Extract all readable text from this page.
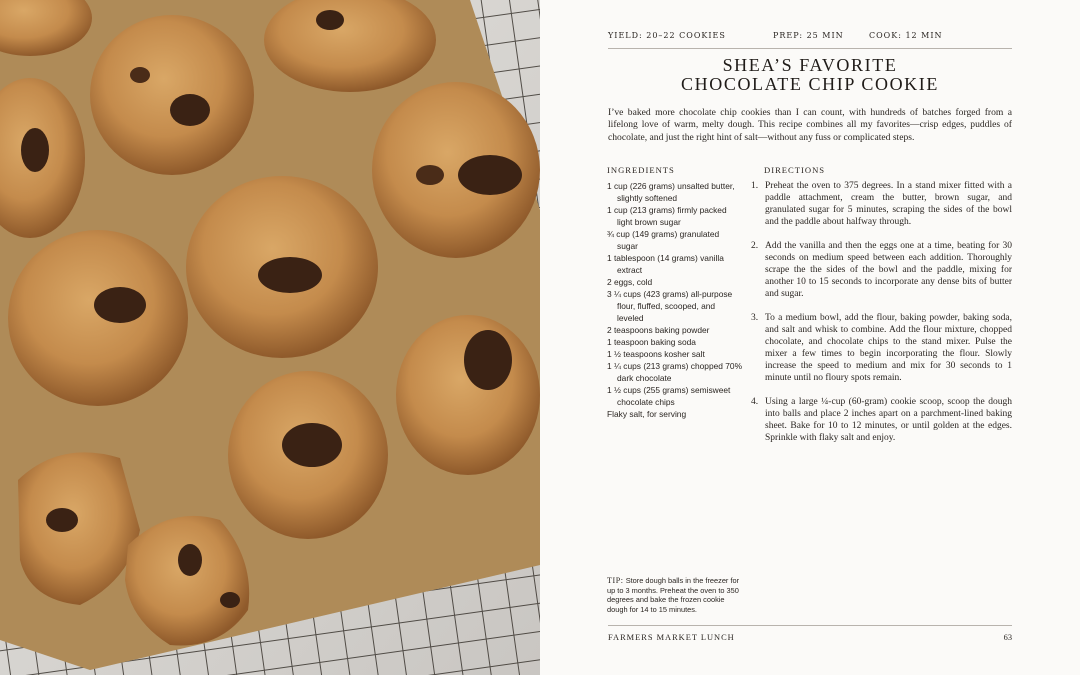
YIELD: 20–22 COOKIES	PREP: 25 MIN	COOK: 12 MIN
SHEA’S FAVORITE
CHOCOLATE CHIP COOKIE

I’ve baked more chocolate chip cookies than I can count, with hundreds of batches forged from a lifelong love of warm, melty dough. This recipe combines all my favorites—crisp edges, puddles of chocolate, and just the right hint of salt—without any fuss or complicated steps.

INGREDIENTS	DIRECTIONS
1 cup (226 grams) unsalted butter, slightly softened
1 cup (213 grams) firmly packed light brown sugar
¾ cup (149 grams) granulated sugar
1 tablespoon (14 grams) vanilla extract
2 eggs, cold
3 ¼ cups (423 grams) all-purpose flour, fluffed, scooped, and leveled
2 teaspoons baking powder
1 teaspoon baking soda
1 ½ teaspoons kosher salt
1 ¼ cups (213 grams) chopped 70% dark chocolate
1 ½ cups (255 grams) semisweet chocolate chips
Flaky salt, for serving
1. Preheat the oven to 375 degrees. In a stand mixer fitted with a paddle attachment, cream the butter, brown sugar, and granulated sugar for 5 minutes, scraping the sides of the bowl and the paddle about halfway through.
2. Add the vanilla and then the eggs one at a time, beating for 30 seconds on medium speed between each addition. Thoroughly scrape the the sides of the bowl and the paddle, mixing for another 10 to 15 seconds to incorporate any dense bits of butter and sugar.
3. To a medium bowl, add the flour, baking powder, baking soda, and salt and whisk to combine. Add the flour mixture, chopped chocolate, and chocolate chips to the stand mixer. Pulse the mixer a few times to begin incorporating the flour. Slowly increase the speed to medium and mix for 30 seconds to 1 minute until no floury spots remain.
4. Using a large ¼-cup (60-gram) cookie scoop, scoop the dough into balls and place 2 inches apart on a parchment-lined baking sheet. Bake for 10 to 12 minutes, or until golden at the edges. Sprinkle with flaky salt and enjoy.
TIP: Store dough balls in the freezer for up to 3 months. Preheat the oven to 350 degrees and bake the frozen cookie dough for 14 to 15 minutes.
FARMERS MARKET LUNCH	63
